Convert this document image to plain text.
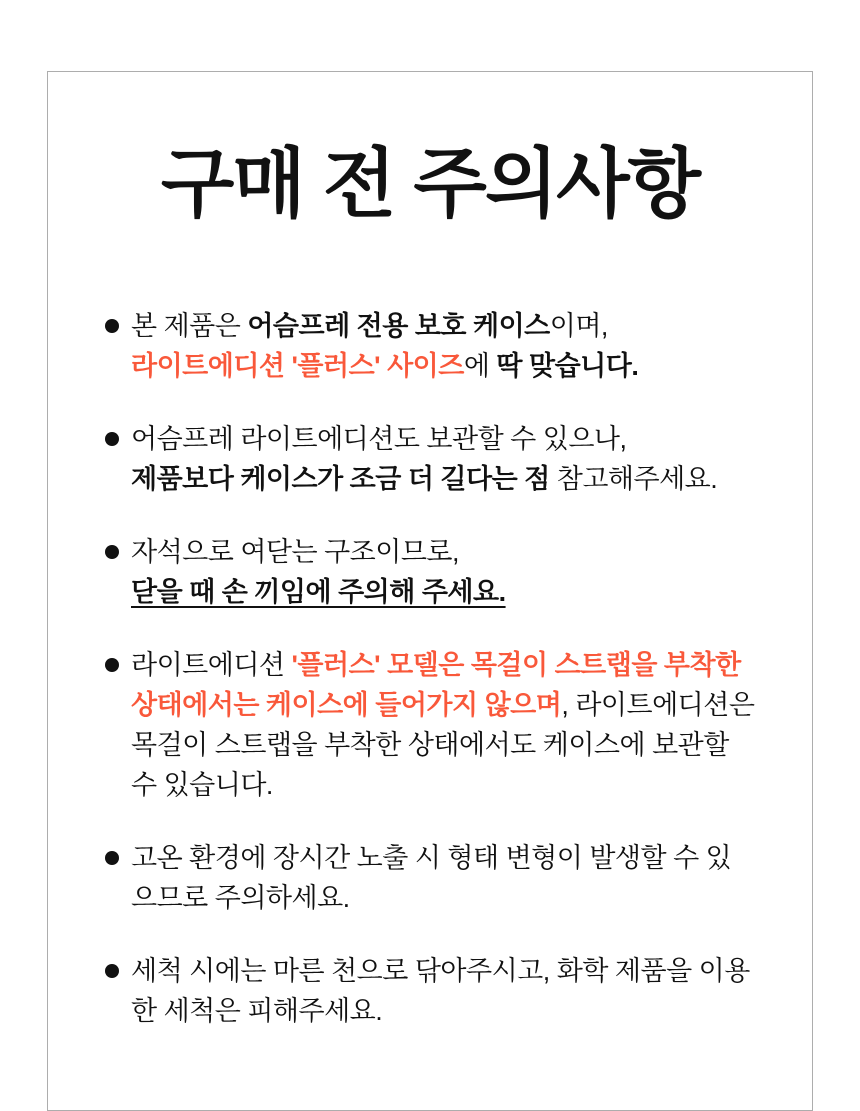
구매 전 주의사항
본 제품은 어슴프레 전용 보호 케이스이며,
라이트에디션 '플러스' 사이즈에 딱 맞습니다.
어슴프레 라이트에디션도 보관할 수 있으나,
제품보다 케이스가 조금 더 길다는 점 참고해주세요.
자석으로 여닫는 구조이므로,
닫을 때 손 끼임에 주의해 주세요.
라이트에디션 '플러스' 모델은 목걸이 스트랩을 부착한
상태에서는 케이스에 들어가지 않으며, 라이트에디션은
목걸이 스트랩을 부착한 상태에서도 케이스에 보관할
수 있습니다.
고온 환경에 장시간 노출 시 형태 변형이 발생할 수 있
으므로 주의하세요.
세척 시에는 마른 천으로 닦아주시고, 화학 제품을 이용
한 세척은 피해주세요.
